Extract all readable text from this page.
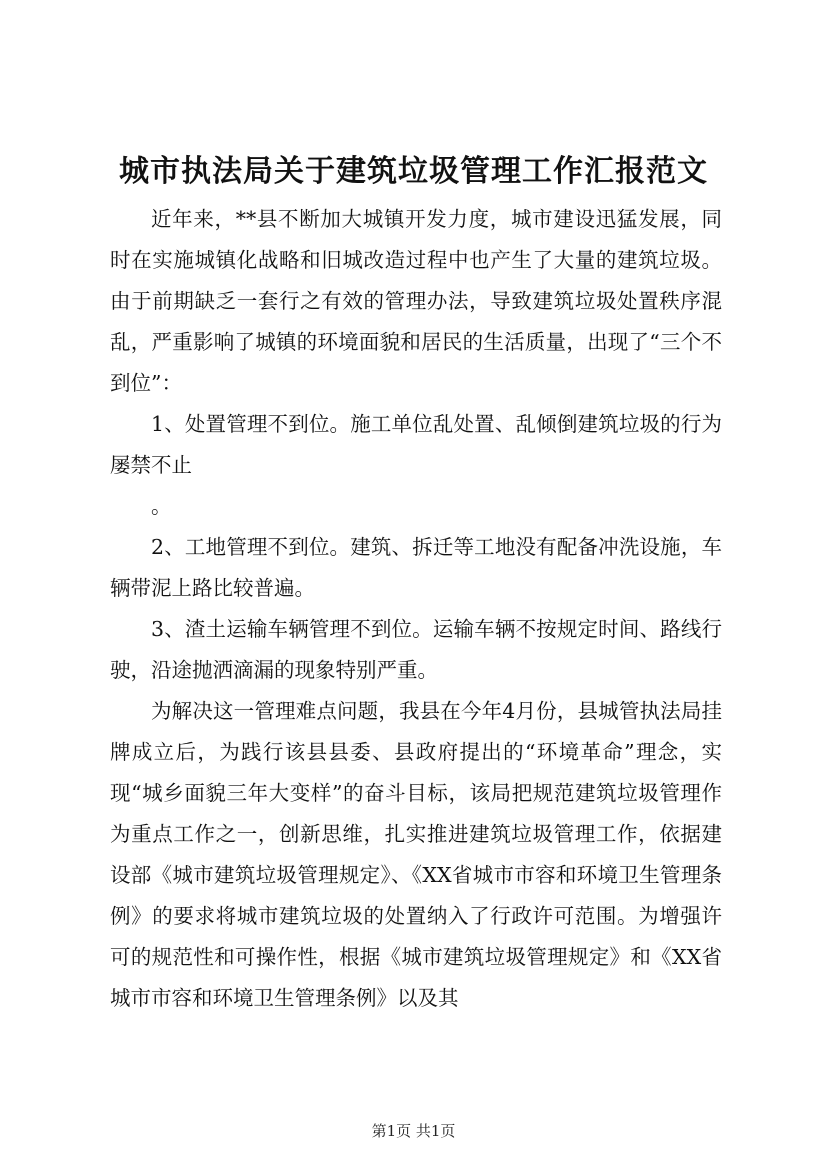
城市执法局关于建筑垃圾管理工作汇报范文

近年来，**县不断加大城镇开发力度，城市建设迅猛发展，同时在实施城镇化战略和旧城改造过程中也产生了大量的建筑垃圾。由于前期缺乏一套行之有效的管理办法，导致建筑垃圾处置秩序混乱，严重影响了城镇的环境面貌和居民的生活质量，出现了“三个不到位”：

1、处置管理不到位。施工单位乱处置、乱倾倒建筑垃圾的行为屡禁不止

。

2、工地管理不到位。建筑、拆迁等工地没有配备冲洗设施，车辆带泥上路比较普遍。

3、渣土运输车辆管理不到位。运输车辆不按规定时间、路线行驶，沿途抛洒滴漏的现象特别严重。

为解决这一管理难点问题，我县在今年4月份，县城管执法局挂牌成立后，为践行该县县委、县政府提出的“环境革命”理念，实现“城乡面貌三年大变样”的奋斗目标，该局把规范建筑垃圾管理作为重点工作之一，创新思维，扎实推进建筑垃圾管理工作，依据建设部《城市建筑垃圾管理规定》、《XX省城市市容和环境卫生管理条例》的要求将城市建筑垃圾的处置纳入了行政许可范围。为增强许可的规范性和可操作性，根据《城市建筑垃圾管理规定》和《XX省城市市容和环境卫生管理条例》以及其

第1页 共1页
